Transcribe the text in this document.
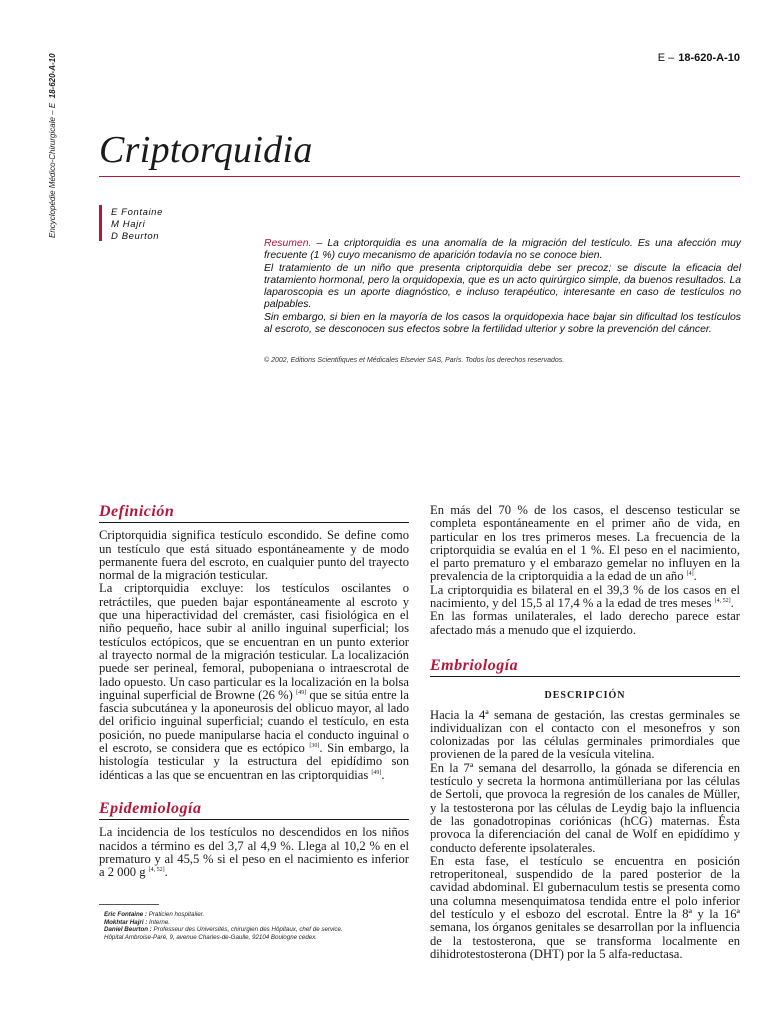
Encyclopédie Médico-Chirurgicale – E  18-620-A-10	E – 18-620-A-10
Criptorquidia
E Fontaine
M Hajri
D Beurton

Resumen. – La criptorquidia es una anomalía de la migración del testículo. Es una afección muy frecuente (1 %) cuyo mecanismo de aparición todavía no se conoce bien.

El tratamiento de un niño que presenta criptorquidia debe ser precoz; se discute la eficacia del tratamiento hormonal, pero la orquidopexia, que es un acto quirúrgico simple, da buenos resultados. La laparoscopia es un aporte diagnóstico, e incluso terapéutico, interesante en caso de testículos no palpables.

Sin embargo, si bien en la mayoría de los casos la orquidopexia hace bajar sin dificultad los testículos al escroto, se desconocen sus efectos sobre la fertilidad ulterior y sobre la prevención del cáncer.

© 2002, Editions Scientifiques et Médicales Elsevier SAS, París. Todos los derechos reservados.
Definición

Criptorquidia significa testículo escondido. Se define como un testículo que está situado espontáneamente y de modo permanente fuera del escroto, en cualquier punto del trayecto normal de la migración testicular.

La criptorquidia excluye: los testículos oscilantes o retráctiles, que pueden bajar espontáneamente al escroto y que una hiperactividad del cremáster, casi fisiológica en el niño pequeño, hace subir al anillo inguinal superficial; los testículos ectópicos, que se encuentran en un punto exterior al trayecto normal de la migración testicular. La localización puede ser perineal, femoral, pubopeniana o intraescrotal de lado opuesto. Un caso particular es la localización en la bolsa inguinal superficial de Browne (26 %) [49] que se sitúa entre la fascia subcutánea y la aponeurosis del oblicuo mayor, al lado del orificio inguinal superficial; cuando el testículo, en esta posición, no puede manipularse hacia el conducto inguinal o el escroto, se considera que es ectópico [30]. Sin embargo, la histología testicular y la estructura del epidídimo son idénticas a las que se encuentran en las criptorquidias [49].

Epidemiología

La incidencia de los testículos no descendidos en los niños nacidos a término es del 3,7 al 4,9 %. Llega al 10,2 % en el prematuro y al 45,5 % si el peso en el nacimiento es inferior a 2 000 g [4, 52].

En más del 70 % de los casos, el descenso testicular se completa espontáneamente en el primer año de vida, en particular en los tres primeros meses. La frecuencia de la criptorquidia se evalúa en el 1 %. El peso en el nacimiento, el parto prematuro y el embarazo gemelar no influyen en la prevalencia de la criptorquidia a la edad de un año [4].

La criptorquidia es bilateral en el 39,3 % de los casos en el nacimiento, y del 15,5 al 17,4 % a la edad de tres meses [4, 52].

En las formas unilaterales, el lado derecho parece estar afectado más a menudo que el izquierdo.

Embriología
DESCRIPCIÓN

Hacia la 4ª semana de gestación, las crestas germinales se individualizan con el contacto con el mesonefros y son colonizadas por las células germinales primordiales que provienen de la pared de la vesícula vitelina.

En la 7ª semana del desarrollo, la gónada se diferencia en testículo y secreta la hormona antimülleriana por las células de Sertoli, que provoca la regresión de los canales de Müller, y la testosterona por las células de Leydig bajo la influencia de las gonadotropinas coriónicas (hCG) maternas. Ésta provoca la diferenciación del canal de Wolf en epidídimo y conducto deferente ipsolaterales.

En esta fase, el testículo se encuentra en posición retroperitoneal, suspendido de la pared posterior de la cavidad abdominal. El gubernaculum testis se presenta como una columna mesenquimatosa tendida entre el polo inferior del testículo y el esbozo del escrotal. Entre la 8ª y la 16ª semana, los órganos genitales se desarrollan por la influencia de la testosterona, que se transforma localmente en dihidrotestosterona (DHT) por la 5 alfa-reductasa.

Eric Fontaine : Praticien hospitalier.
Mokhtar Hajri : Interne.
Daniel Beurton : Professeur des Universités, chirurgien des Hôpitaux, chef de service.
Hôpital Ambroise-Paré, 9, avenue Charles-de-Gaulle, 92104 Boulogne cedex.
